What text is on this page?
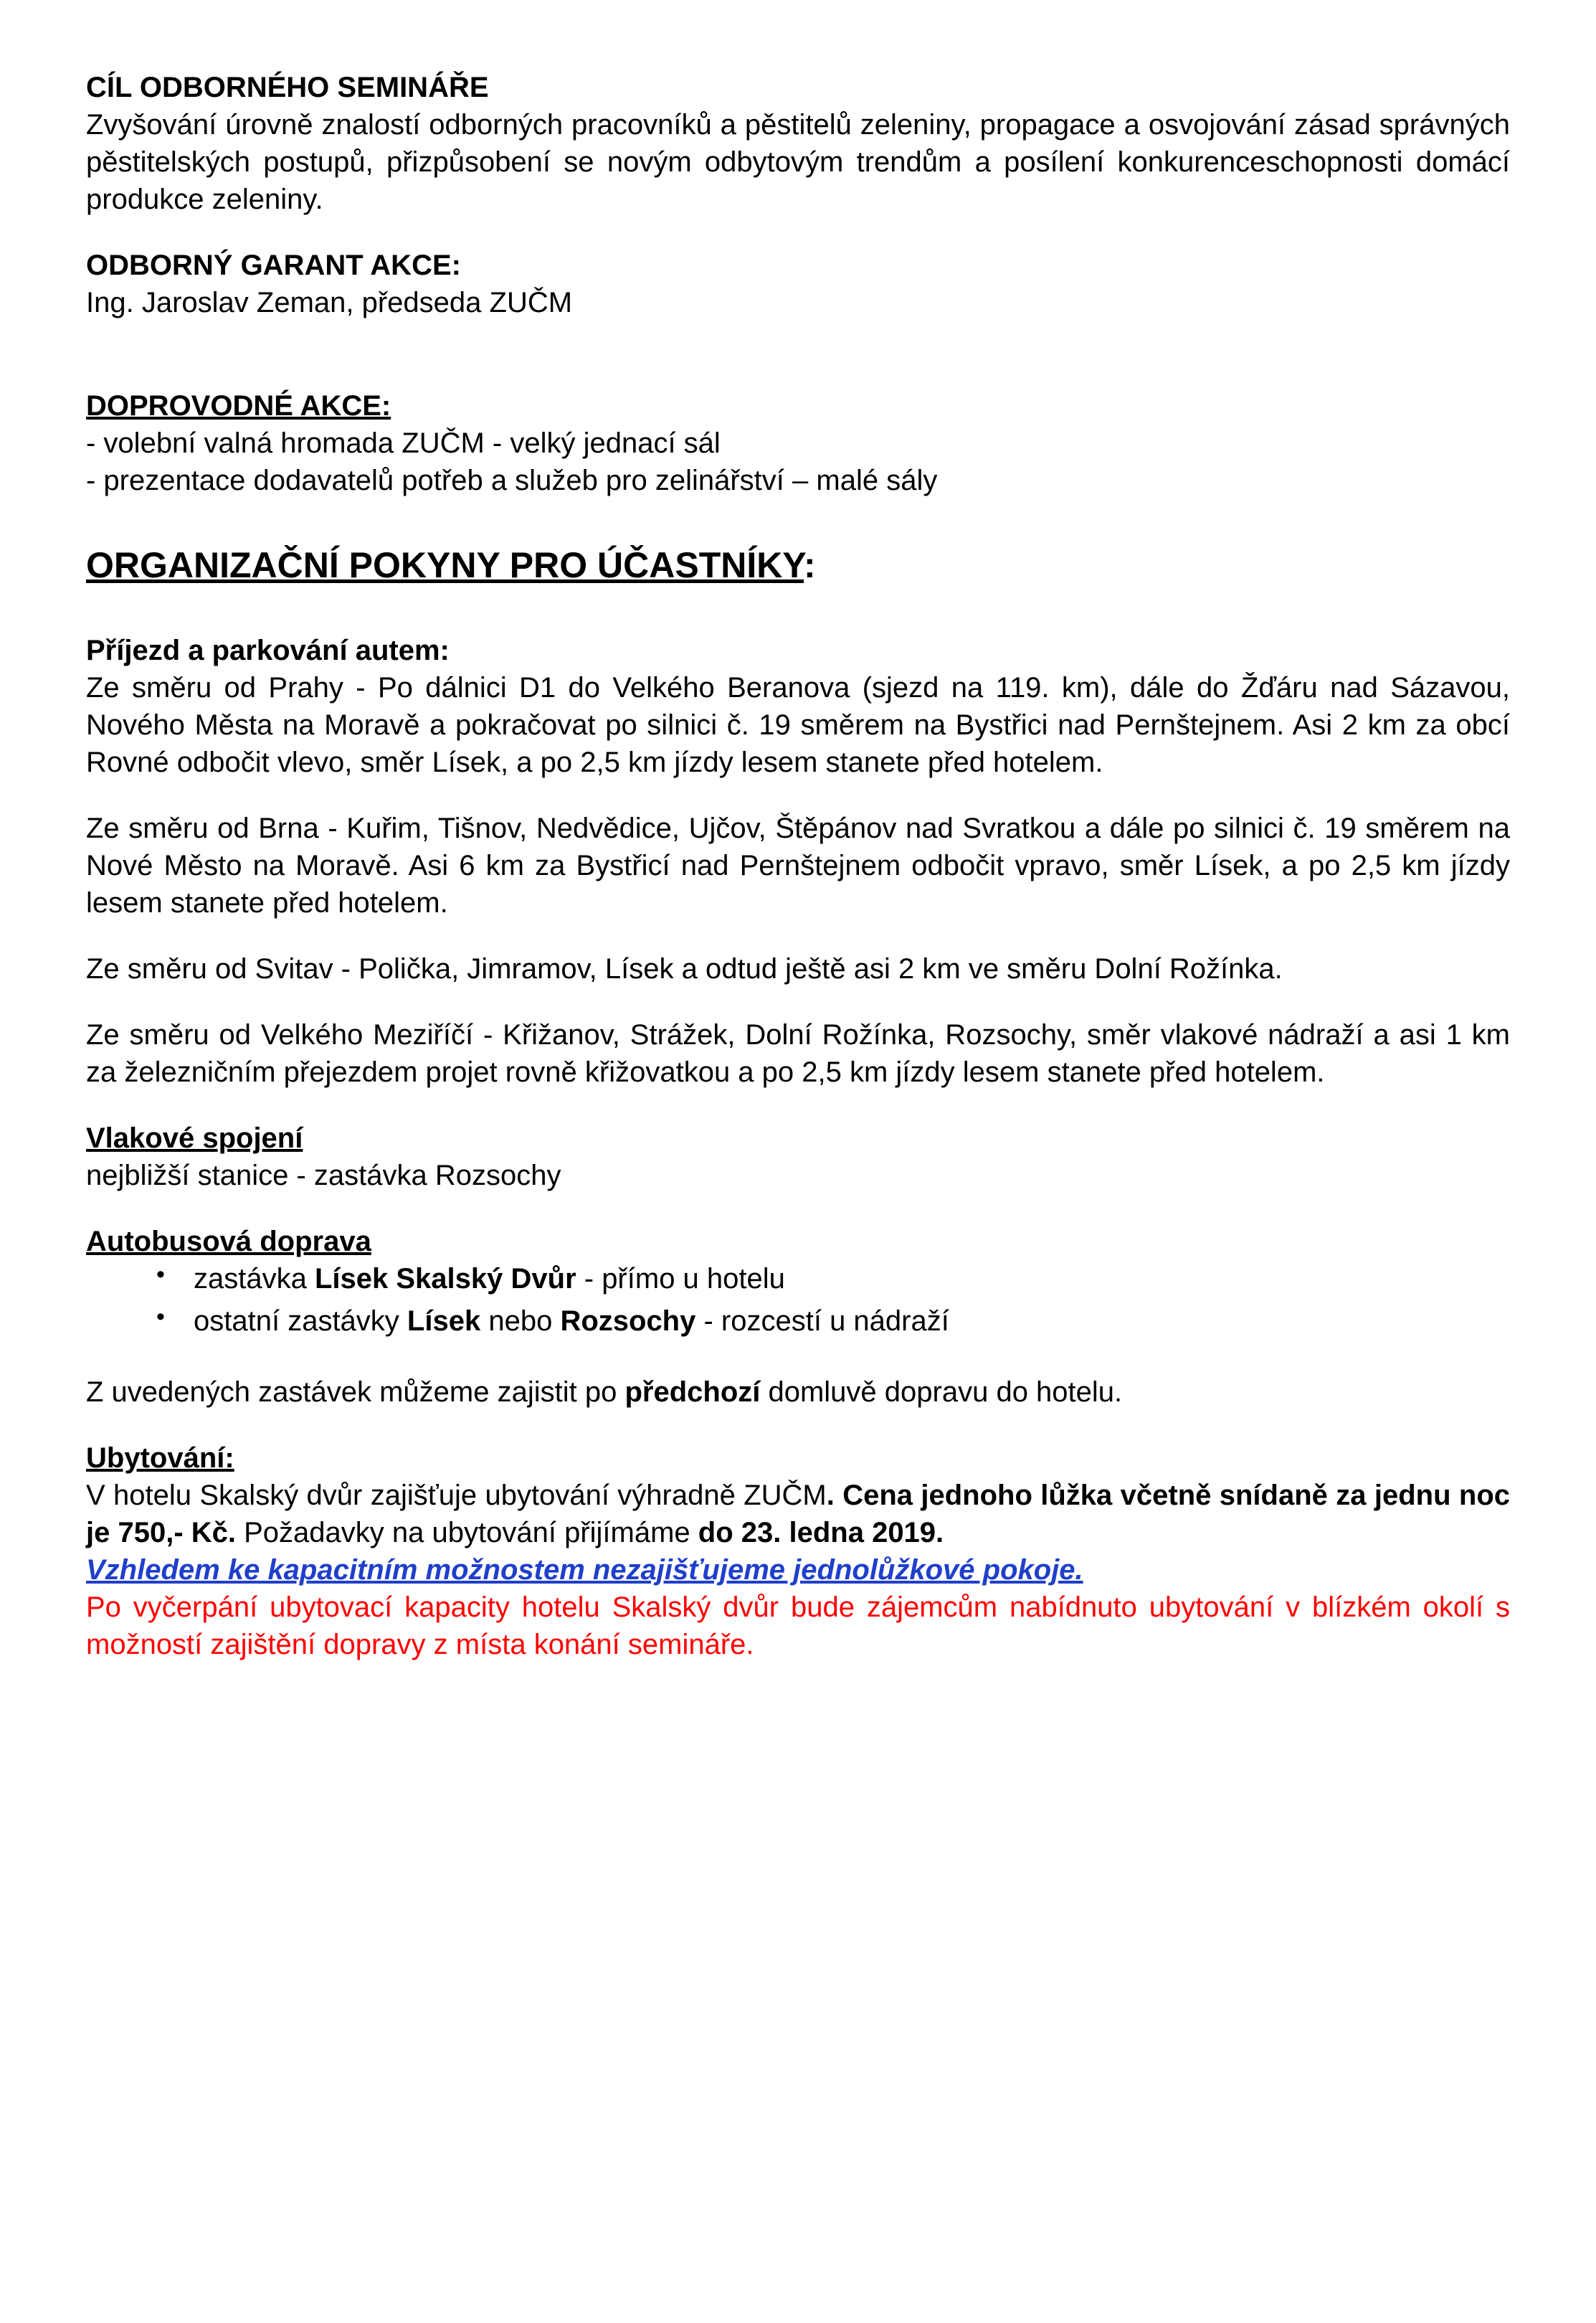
CÍL ODBORNÉHO SEMINÁŘE

Zvyšování úrovně znalostí odborných pracovníků a pěstitelů zeleniny, propagace a osvojování zásad správných pěstitelských postupů, přizpůsobení se novým odbytovým trendům a posílení konkurenceschopnosti domácí produkce zeleniny.

ODBORNÝ GARANT AKCE:

Ing. Jaroslav Zeman, předseda ZUČM

DOPROVODNÉ AKCE:

- volební valná hromada ZUČM - velký jednací sál

- prezentace dodavatelů potřeb a služeb pro zelinářství – malé sály

ORGANIZAČNÍ POKYNY PRO ÚČASTNÍKY:
Příjezd a parkování autem:

Ze směru od Prahy - Po dálnici D1 do Velkého Beranova (sjezd na 119. km), dále do Žďáru nad Sázavou, Nového Města na Moravě a pokračovat po silnici č. 19 směrem na Bystřici nad Pernštejnem. Asi 2 km za obcí Rovné odbočit vlevo, směr Lísek, a po 2,5 km jízdy lesem stanete před hotelem.

Ze směru od Brna - Kuřim, Tišnov, Nedvědice, Ujčov, Štěpánov nad Svratkou a dále po silnici č. 19 směrem na Nové Město na Moravě. Asi 6 km za Bystřicí nad Pernštejnem odbočit vpravo, směr Lísek, a po 2,5 km jízdy lesem stanete před hotelem.

Ze směru od Svitav - Polička, Jimramov, Lísek a odtud ještě asi 2 km ve směru Dolní Rožínka.

Ze směru od Velkého Meziříčí - Křižanov, Strážek, Dolní Rožínka, Rozsochy, směr vlakové nádraží a asi 1 km za železničním přejezdem projet rovně křižovatkou a po 2,5 km jízdy lesem stanete před hotelem.

Vlakové spojení

nejbližší stanice - zastávka Rozsochy

Autobusová doprava
• zastávka Lísek Skalský Dvůr - přímo u hotelu
• ostatní zastávky Lísek nebo Rozsochy - rozcestí u nádraží

Z uvedených zastávek můžeme zajistit po předchozí domluvě dopravu do hotelu.

Ubytování:

V hotelu Skalský dvůr zajišťuje ubytování výhradně ZUČM. Cena jednoho lůžka včetně snídaně za jednu noc je 750,- Kč. Požadavky na ubytování přijímáme do 23. ledna 2019.

Vzhledem ke kapacitním možnostem nezajišťujeme jednolůžkové pokoje.

Po vyčerpání ubytovací kapacity hotelu Skalský dvůr bude zájemcům nabídnuto ubytování v blízkém okolí s možností zajištění dopravy z místa konání semináře.
